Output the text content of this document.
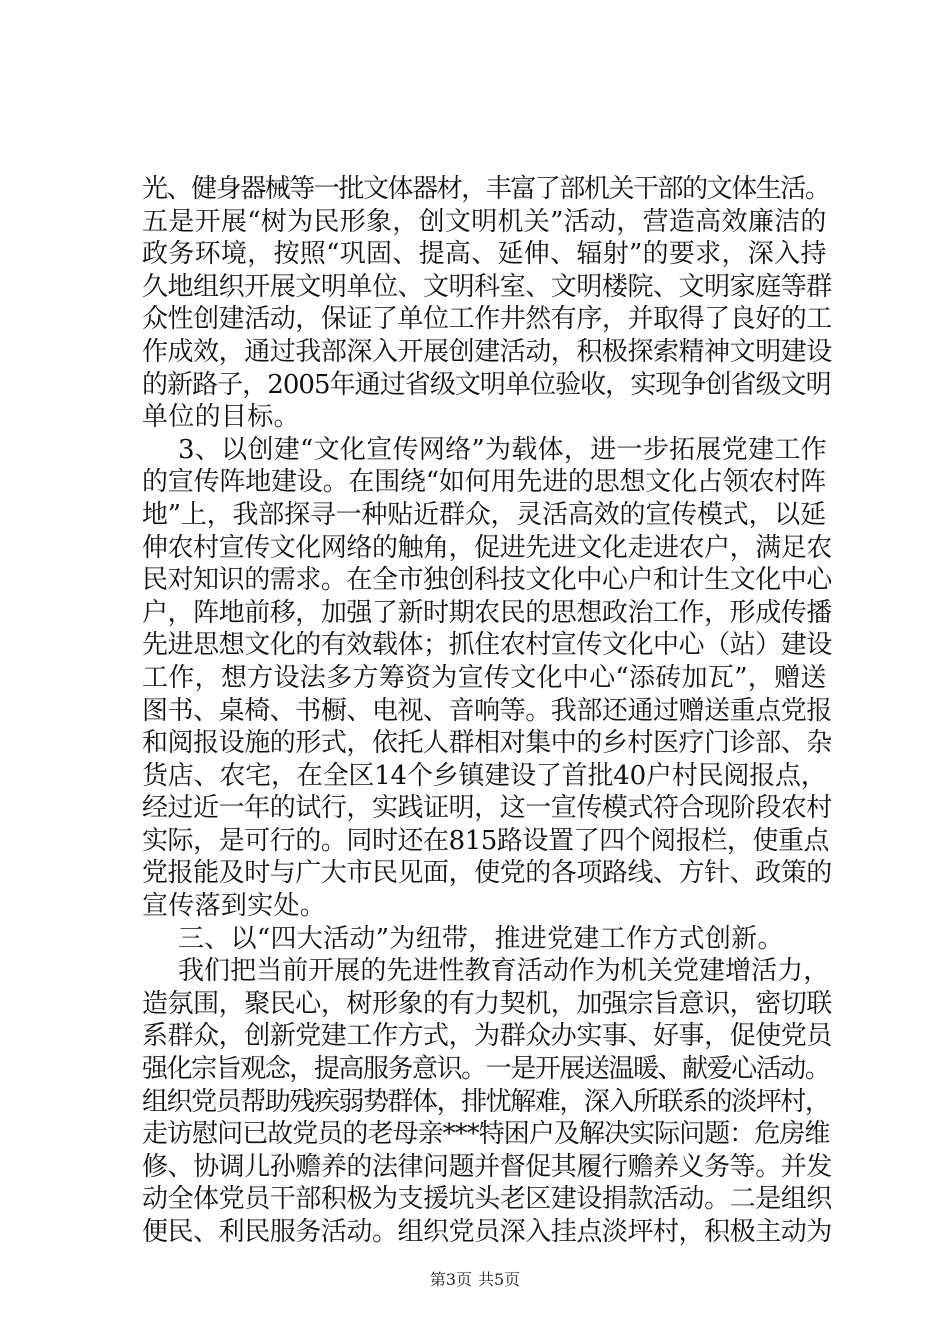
光、健身器械等一批文体器材，丰富了部机关干部的文体生活。
五是开展“树为民形象，创文明机关”活动，营造高效廉洁的
政务环境，按照“巩固、提高、延伸、辐射”的要求，深入持
久地组织开展文明单位、文明科室、文明楼院、文明家庭等群
众性创建活动，保证了单位工作井然有序，并取得了良好的工
作成效，通过我部深入开展创建活动，积极探索精神文明建设
的新路子，2005年通过省级文明单位验收，实现争创省级文明
单位的目标。
3、以创建“文化宣传网络”为载体，进一步拓展党建工作
的宣传阵地建设。在围绕“如何用先进的思想文化占领农村阵
地”上，我部探寻一种贴近群众，灵活高效的宣传模式，以延
伸农村宣传文化网络的触角，促进先进文化走进农户，满足农
民对知识的需求。在全市独创科技文化中心户和计生文化中心
户，阵地前移，加强了新时期农民的思想政治工作，形成传播
先进思想文化的有效载体；抓住农村宣传文化中心（站）建设
工作，想方设法多方筹资为宣传文化中心“添砖加瓦”，赠送
图书、桌椅、书橱、电视、音响等。我部还通过赠送重点党报
和阅报设施的形式，依托人群相对集中的乡村医疗门诊部、杂
货店、农宅，在全区14个乡镇建设了首批40户村民阅报点，
经过近一年的试行，实践证明，这一宣传模式符合现阶段农村
实际，是可行的。同时还在815路设置了四个阅报栏，使重点
党报能及时与广大市民见面，使党的各项路线、方针、政策的
宣传落到实处。
三、以“四大活动”为纽带，推进党建工作方式创新。
我们把当前开展的先进性教育活动作为机关党建增活力，
造氛围，聚民心，树形象的有力契机，加强宗旨意识，密切联
系群众，创新党建工作方式，为群众办实事、好事，促使党员
强化宗旨观念，提高服务意识。一是开展送温暖、献爱心活动。
组织党员帮助残疾弱势群体，排忧解难，深入所联系的淡坪村，
走访慰问已故党员的老母亲***特困户及解决实际问题：危房维
修、协调儿孙赡养的法律问题并督促其履行赡养义务等。并发
动全体党员干部积极为支援坑头老区建设捐款活动。二是组织
便民、利民服务活动。组织党员深入挂点淡坪村，积极主动为
第3页 共5页
